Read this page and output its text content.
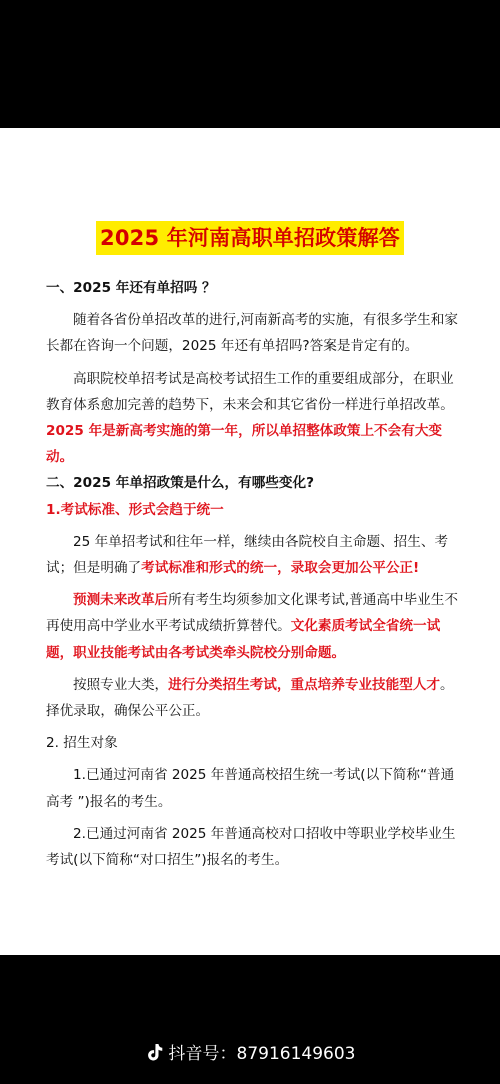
2025 年河南高职单招政策解答

一、2025 年还有单招吗 ？

随着各省份单招改革的进行,河南新高考的实施，有很多学生和家长都在咨询一个问题，2025 年还有单招吗?答案是肯定有的。

高职院校单招考试是高校考试招生工作的重要组成部分，在职业教育体系愈加完善的趋势下，未来会和其它省份一样进行单招改革。

2025 年是新高考实施的第一年，所以单招整体政策上不会有大变动。

二、2025 年单招政策是什么，有哪些变化?

1.考试标准、形式会趋于统一

25 年单招考试和往年一样，继续由各院校自主命题、招生、考试；但是明确了考试标准和形式的统一，录取会更加公平公正!

预测未来改革后所有考生均须参加文化课考试,普通高中毕业生不再使用高中学业水平考试成绩折算替代。文化素质考试全省统一试题，职业技能考试由各考试类牵头院校分别命题。

按照专业大类，进行分类招生考试，重点培养专业技能型人才。择优录取，确保公平公正。

2. 招生对象

1.已通过河南省 2025 年普通高校招生统一考试(以下简称“普通高考 ”)报名的考生。

2.已通过河南省 2025 年普通高校对口招收中等职业学校毕业生考试(以下简称“对口招生”)报名的考生。

抖音号：87916149603
